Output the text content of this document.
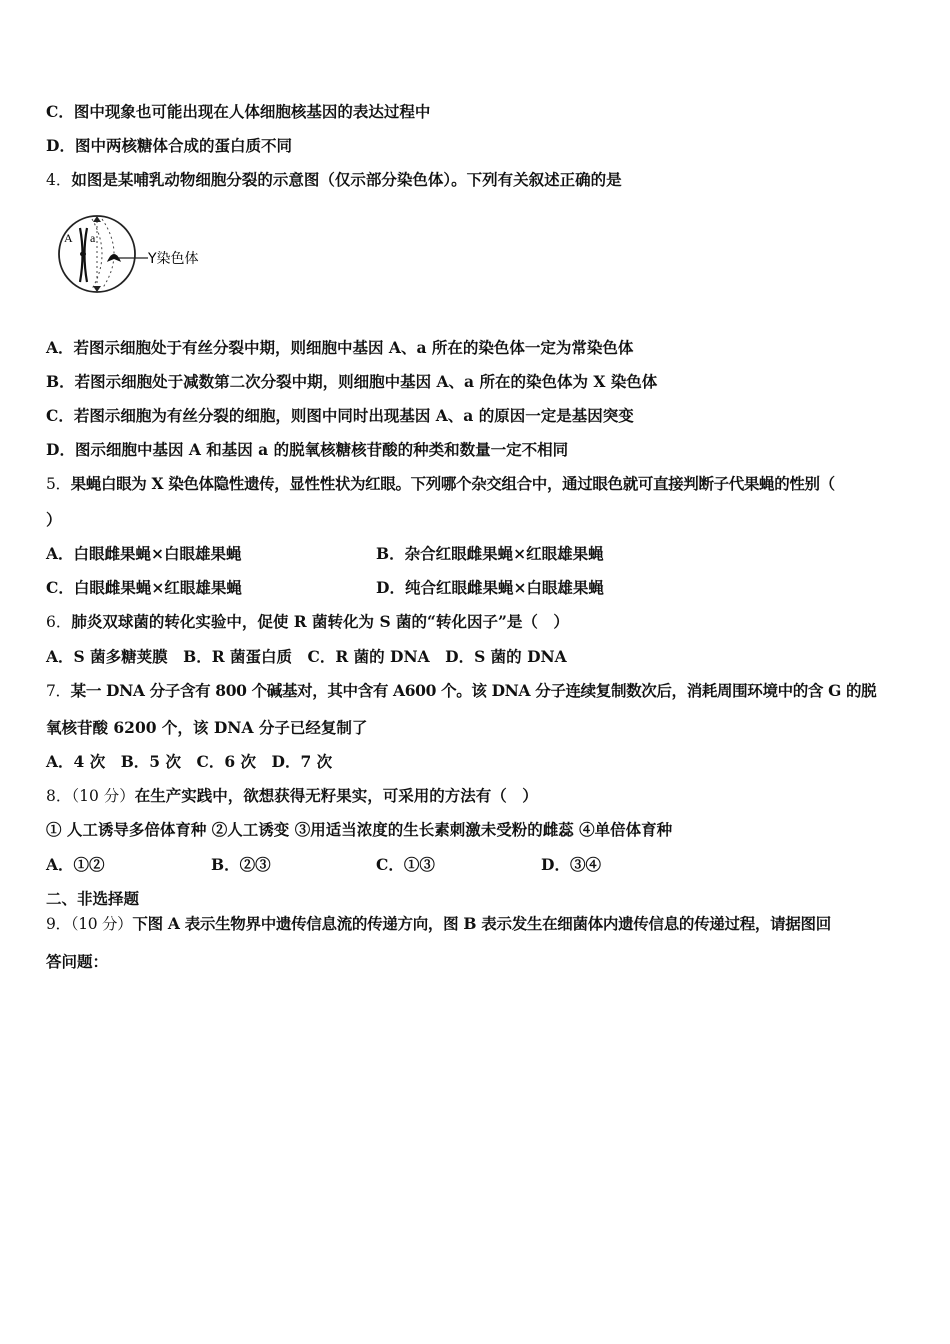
C．图中现象也可能出现在人体细胞核基因的表达过程中
D．图中两核糖体合成的蛋白质不同
4．如图是某哺乳动物细胞分裂的示意图（仅示部分染色体）。下列有关叙述正确的是
A a
Y染色体
A．若图示细胞处于有丝分裂中期，则细胞中基因 A、a 所在的染色体一定为常染色体
B．若图示细胞处于减数第二次分裂中期，则细胞中基因 A、a 所在的染色体为 X 染色体
C．若图示细胞为有丝分裂的细胞，则图中同时出现基因 A、a 的原因一定是基因突变
D．图示细胞中基因 A 和基因 a 的脱氧核糖核苷酸的种类和数量一定不相同
5．果蝇白眼为 X 染色体隐性遗传，显性性状为红眼。下列哪个杂交组合中，通过眼色就可直接判断子代果蝇的性别（
）
A．白眼雌果蝇×白眼雄果蝇	B．杂合红眼雌果蝇×红眼雄果蝇
C．白眼雌果蝇×红眼雄果蝇	D．纯合红眼雌果蝇×白眼雄果蝇
6．肺炎双球菌的转化实验中，促使 R 菌转化为 S 菌的“转化因子”是（　）
A．S 菌多糖荚膜　B．R 菌蛋白质　C．R 菌的 DNA　D．S 菌的 DNA
7．某一 DNA 分子含有 800 个碱基对，其中含有 A600 个。该 DNA 分子连续复制数次后，消耗周围环境中的含 G 的脱
氧核苷酸 6200 个，该 DNA 分子已经复制了
A．4 次　B．5 次　C．6 次　D．7 次
8．（10 分）在生产实践中，欲想获得无籽果实，可采用的方法有（　）
① 人工诱导多倍体育种 ②人工诱变 ③用适当浓度的生长素刺激未受粉的雌蕊 ④单倍体育种
A．①②	B．②③	C．①③	D．③④
二、非选择题
9．（10 分）下图 A 表示生物界中遗传信息流的传递方向，图 B 表示发生在细菌体内遗传信息的传递过程，请据图回
答问题：
